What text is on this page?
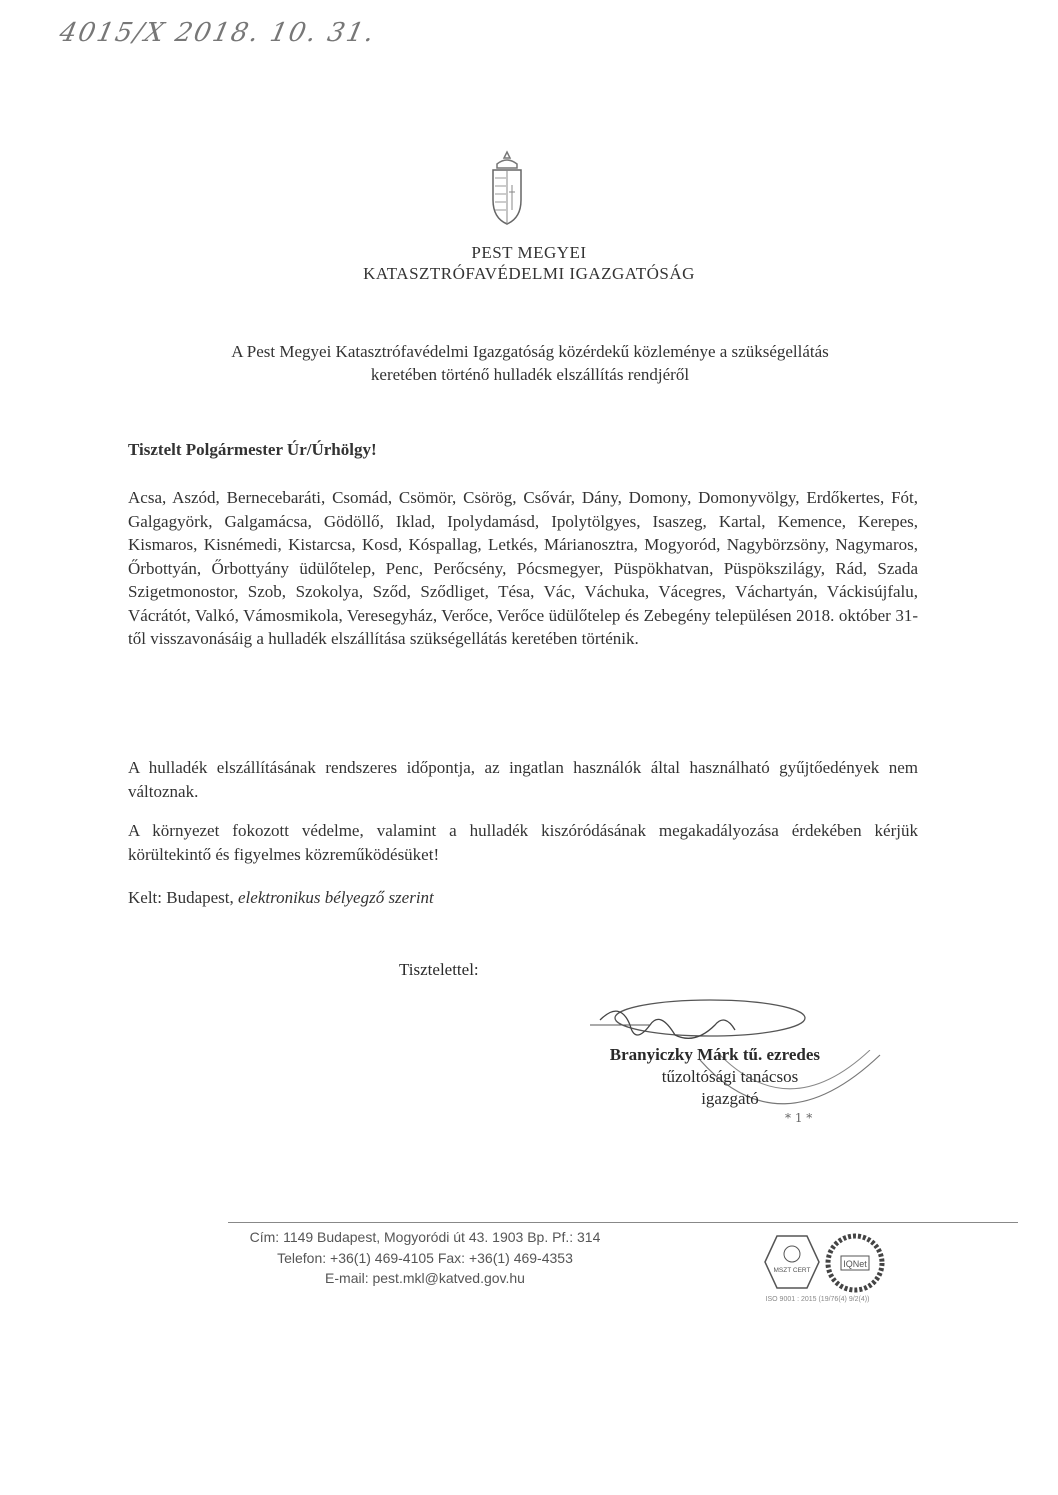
4015/X 2018. 10. 31.
PEST MEGYEI
KATASZTRÓFAVÉDELMI IGAZGATÓSÁG
A Pest Megyei Katasztrófavédelmi Igazgatóság közérdekű közleménye a szükségellátás
keretében történő hulladék elszállítás rendjéről
Tisztelt Polgármester Úr/Úrhölgy!
Acsa, Aszód, Bernecebaráti, Csomád, Csömör, Csörög, Csővár, Dány, Domony, Domonyvölgy, Erdőkertes, Fót, Galgagyörk, Galgamácsa, Gödöllő, Iklad, Ipolydamásd, Ipolytölgyes, Isaszeg, Kartal, Kemence, Kerepes, Kismaros, Kisnémedi, Kistarcsa, Kosd, Kóspallag, Letkés, Márianosztra, Mogyoród, Nagybörzsöny, Nagymaros, Őrbottyán, Őrbottyány üdülőtelep, Penc, Perőcsény, Pócsmegyer, Püspökhatvan, Püspökszilágy, Rád, Szada Szigetmonostor, Szob, Szokolya, Sződ, Sződliget, Tésa, Vác, Váchuka, Vácegres, Váchartyán, Váckisújfalu, Vácrátót, Valkó, Vámosmikola, Veresegyház, Verőce, Verőce üdülőtelep és Zebegény településen 2018. október 31-től visszavonásáig a hulladék elszállítása szükségellátás keretében történik.
A hulladék elszállításának rendszeres időpontja, az ingatlan használók által használható gyűjtőedények nem változnak.
A környezet fokozott védelme, valamint a hulladék kiszóródásának megakadályozása érdekében kérjük körültekintő és figyelmes közreműködésüket!
Kelt: Budapest, elektronikus bélyegző szerint
Tisztelettel:
* 1 *
Branyiczky Márk tű. ezredes
tűzoltósági tanácsos
igazgató
Cím: 1149 Budapest, Mogyoródi út 43. 1903 Bp. Pf.: 314
Telefon: +36(1) 469-4105 Fax: +36(1) 469-4353
E-mail: pest.mkl@katved.gov.hu	MSZT CERT
IQNet
ISO 9001 : 2015 (19/76(4) 9/2(4))
